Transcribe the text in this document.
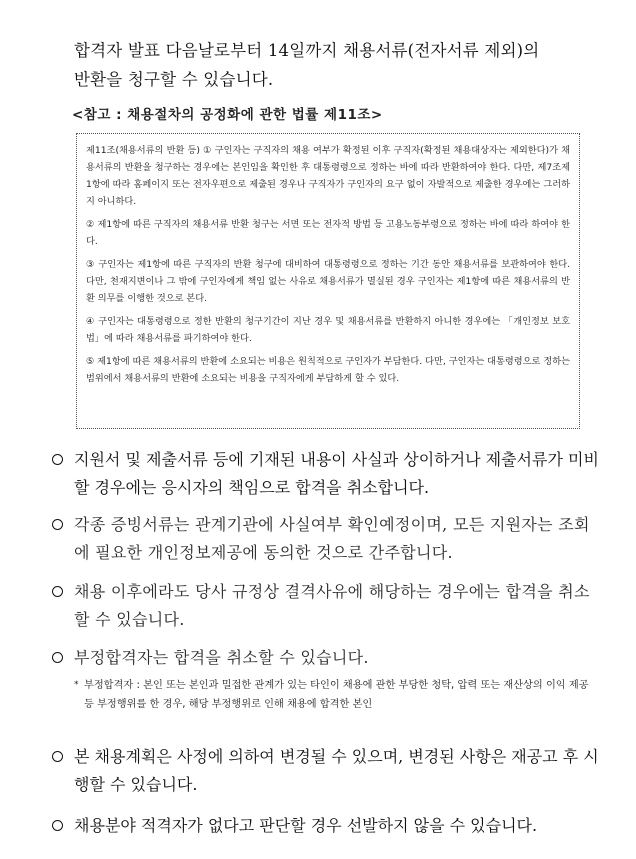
합격자 발표 다음날로부터 14일까지 채용서류(전자서류 제외)의
반환을 청구할 수 있습니다.
<참고 : 채용절차의 공정화에 관한 법률 제11조>

제11조(채용서류의 반환 등) ① 구인자는 구직자의 채용 여부가 확정된 이후 구직자(확정된 채용대상자는 제외한다)가 채용서류의 반환을 청구하는 경우에는 본인임을 확인한 후 대통령령으로 정하는 바에 따라 반환하여야 한다. 다만, 제7조제1항에 따라 홈페이지 또는 전자우편으로 제출된 경우나 구직자가 구인자의 요구 없이 자발적으로 제출한 경우에는 그러하지 아니하다.

② 제1항에 따른 구직자의 채용서류 반환 청구는 서면 또는 전자적 방법 등 고용노동부령으로 정하는 바에 따라 하여야 한다.

③ 구인자는 제1항에 따른 구직자의 반환 청구에 대비하여 대통령령으로 정하는 기간 동안 채용서류를 보관하여야 한다. 다만, 천재지변이나 그 밖에 구인자에게 책임 없는 사유로 채용서류가 멸실된 경우 구인자는 제1항에 따른 채용서류의 반환 의무를 이행한 것으로 본다.

④ 구인자는 대통령령으로 정한 반환의 청구기간이 지난 경우 및 채용서류를 반환하지 아니한 경우에는 「개인정보 보호법」에 따라 채용서류를 파기하여야 한다.

⑤ 제1항에 따른 채용서류의 반환에 소요되는 비용은 원칙적으로 구인자가 부담한다. 다만, 구인자는 대통령령으로 정하는 범위에서 채용서류의 반환에 소요되는 비용을 구직자에게 부담하게 할 수 있다.

지원서 및 제출서류 등에 기재된 내용이 사실과 상이하거나 제출서류가 미비할 경우에는 응시자의 책임으로 합격을 취소합니다.
각종 증빙서류는 관계기관에 사실여부 확인예정이며, 모든 지원자는 조회에 필요한 개인정보제공에 동의한 것으로 간주합니다.
채용 이후에라도 당사 규정상 결격사유에 해당하는 경우에는 합격을 취소할 수 있습니다.
부정합격자는 합격을 취소할 수 있습니다.
* 부정합격자 : 본인 또는 본인과 밀접한 관계가 있는 타인이 채용에 관한 부당한 청탁, 압력 또는 재산상의 이익 제공 등 부정행위를 한 경우, 해당 부정행위로 인해 채용에 합격한 본인
본 채용계획은 사정에 의하여 변경될 수 있으며, 변경된 사항은 재공고 후 시행할 수 있습니다.
채용분야 적격자가 없다고 판단할 경우 선발하지 않을 수 있습니다.
